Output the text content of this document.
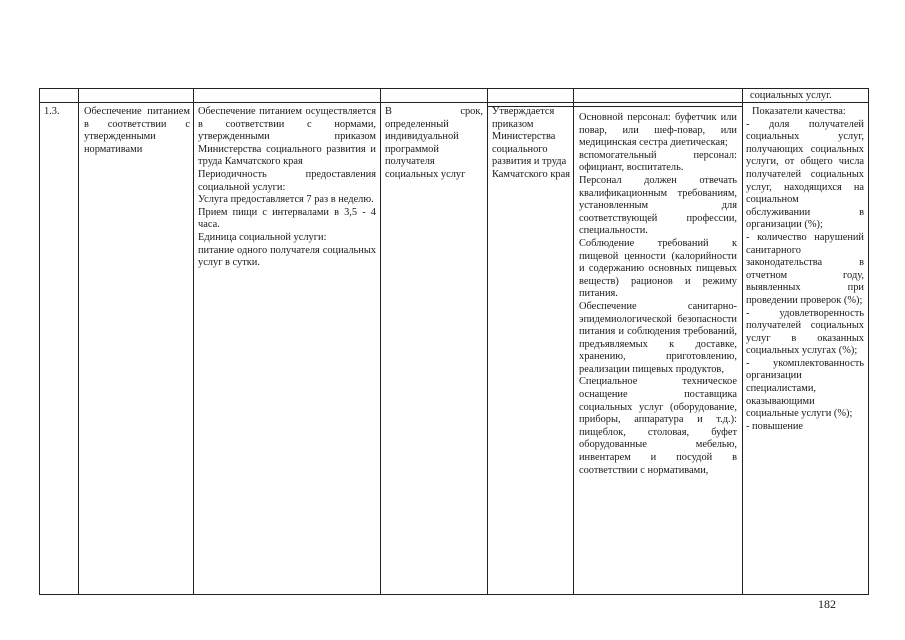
социальных услуг.
1.3.	Обеспечение питанием в соответствии с утвержденными нормативами

Обеспечение питанием осуществляется в соответствии с нормами, утвержденными приказом Министерства социального развития и труда Камчатского края

Периодичность предоставления социальной услуги:

Услуга предоставляется 7 раз в неделю.

Прием пищи с интервалами в 3,5 - 4 часа.

Единица социальной услуги:

питание одного получателя социальных услуг в сутки.

В срок, определенный индивидуальной программой получателя социальных услуг
Утверждается приказом Министерства социального развития и труда Камчатского края

Основной персонал: буфетчик или повар, или шеф-повар, или медицинская сестра диетическая;

вспомогательный персонал: официант, воспитатель.

Персонал должен отвечать квалификационным требованиям, установленным для соответствующей профессии, специальности.

Соблюдение требований к пищевой ценности (калорийности и содержанию основных пищевых веществ) рационов и режиму питания.

Обеспечение санитарно-эпидемиологической безопасности питания и соблюдения требований, предъявляемых к доставке, хранению, приготовлению, реализации пищевых продуктов,

Специальное техническое оснащение поставщика социальных услуг (оборудование, приборы, аппаратура и т.д.): пищеблок, столовая, буфет оборудованные мебелью, инвентарем и посудой в соответствии с нормативами,

Показатели качества:

- доля получателей социальных услуг, получающих социальных услуги, от общего числа получателей социальных услуг, находящихся на социальном обслуживании в организации (%);

- количество нарушений санитарного законодательства в отчетном году, выявленных при проведении проверок (%);

- удовлетворенность получателей социальных услуг в оказанных социальных услугах (%);

- укомплектованность организации специалистами, оказывающими социальные услуги (%);

- повышение

182
